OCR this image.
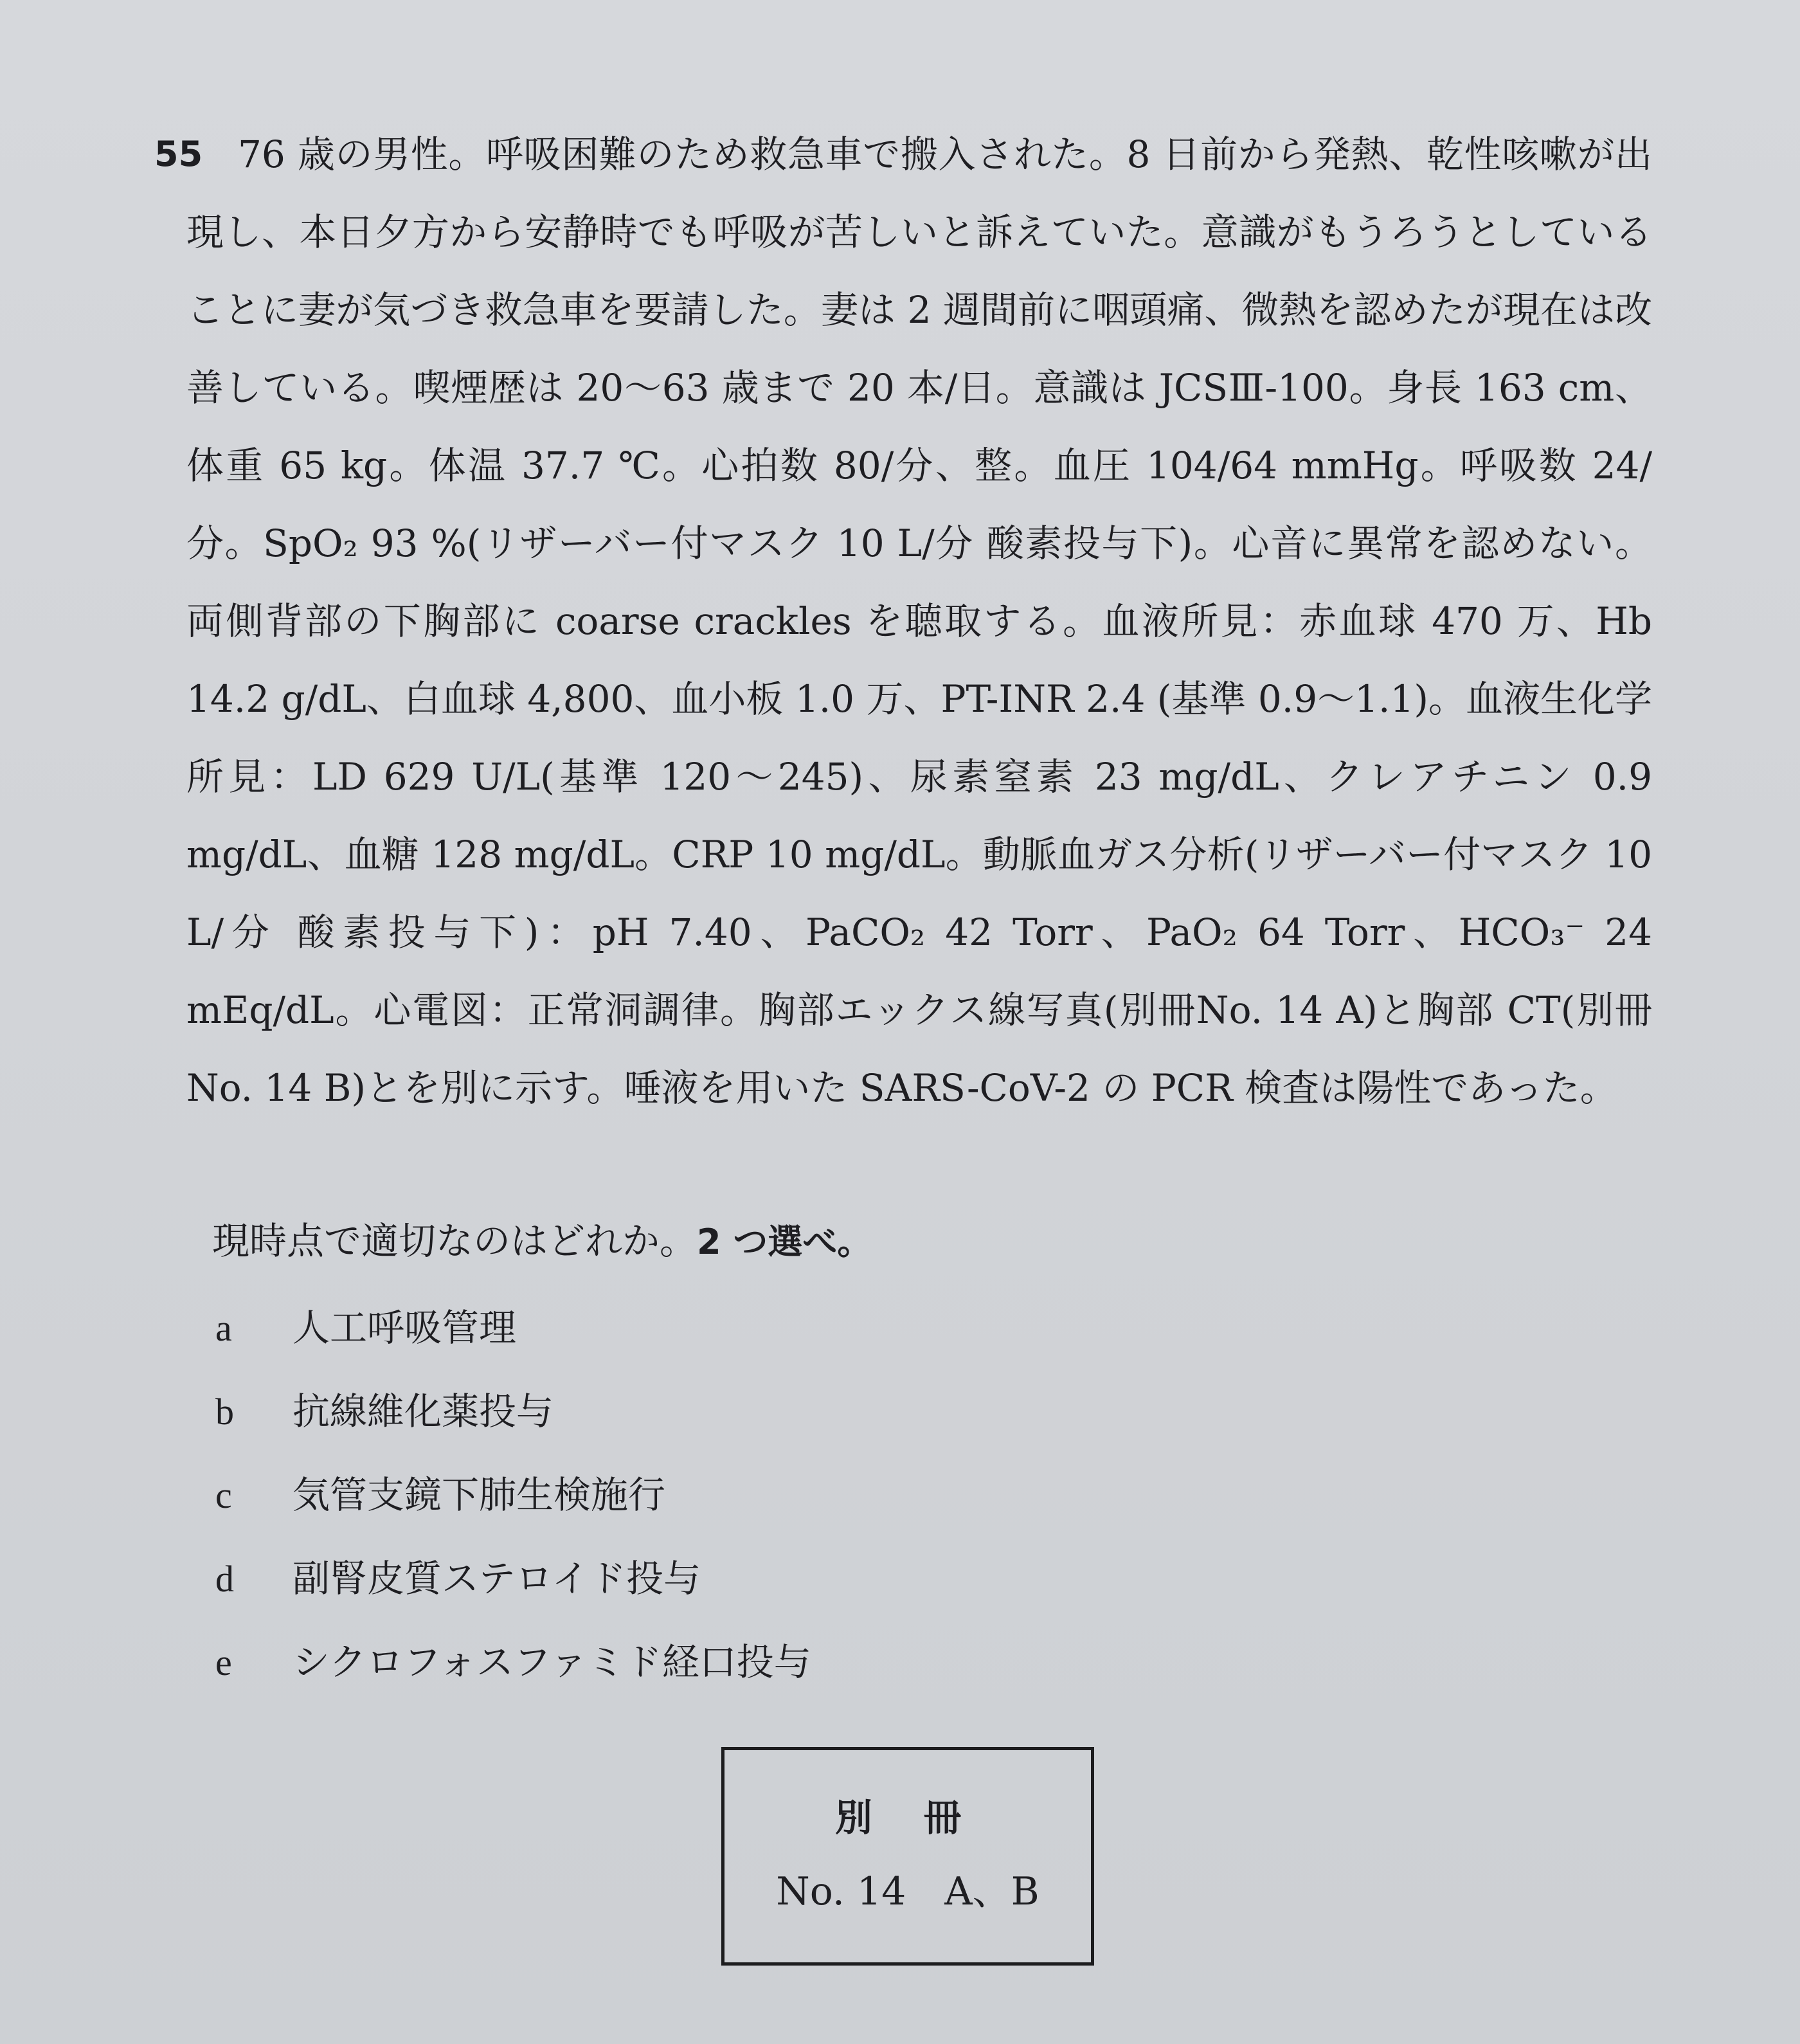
55 76 歳の男性。呼吸困難のため救急車で搬入された。8 日前から発熱、乾性咳嗽が出現し、本日夕方から安静時でも呼吸が苦しいと訴えていた。意識がもうろうとしていることに妻が気づき救急車を要請した。妻は 2 週間前に咽頭痛、微熱を認めたが現在は改善している。喫煙歴は 20〜63 歳まで 20 本/日。意識は JCSⅢ-100。身長 163 cm、体重 65 kg。体温 37.7 ℃。心拍数 80/分、整。血圧 104/64 mmHg。呼吸数 24/分。SpO₂ 93 %(リザーバー付マスク 10 L/分 酸素投与下)。心音に異常を認めない。両側背部の下胸部に coarse crackles を聴取する。血液所見：赤血球 470 万、Hb 14.2 g/dL、白血球 4,800、血小板 1.0 万、PT-INR 2.4 (基準 0.9〜1.1)。血液生化学所見：LD 629 U/L(基準 120〜245)、尿素窒素 23 mg/dL、クレアチニン 0.9 mg/dL、血糖 128 mg/dL。CRP 10 mg/dL。動脈血ガス分析(リザーバー付マスク 10 L/分 酸素投与下)：pH 7.40、PaCO₂ 42 Torr、PaO₂ 64 Torr、HCO₃⁻ 24 mEq/dL。心電図：正常洞調律。胸部エックス線写真(別冊No. 14 A)と胸部 CT(別冊No. 14 B)とを別に示す。唾液を用いた SARS-CoV-2 の PCR 検査は陽性であった。

現時点で適切なのはどれか。2 つ選べ。
a 人工呼吸管理
b 抗線維化薬投与
c 気管支鏡下肺生検施行
d 副腎皮質ステロイド投与
e シクロフォスファミド経口投与
別 冊
No. 14　A、B
